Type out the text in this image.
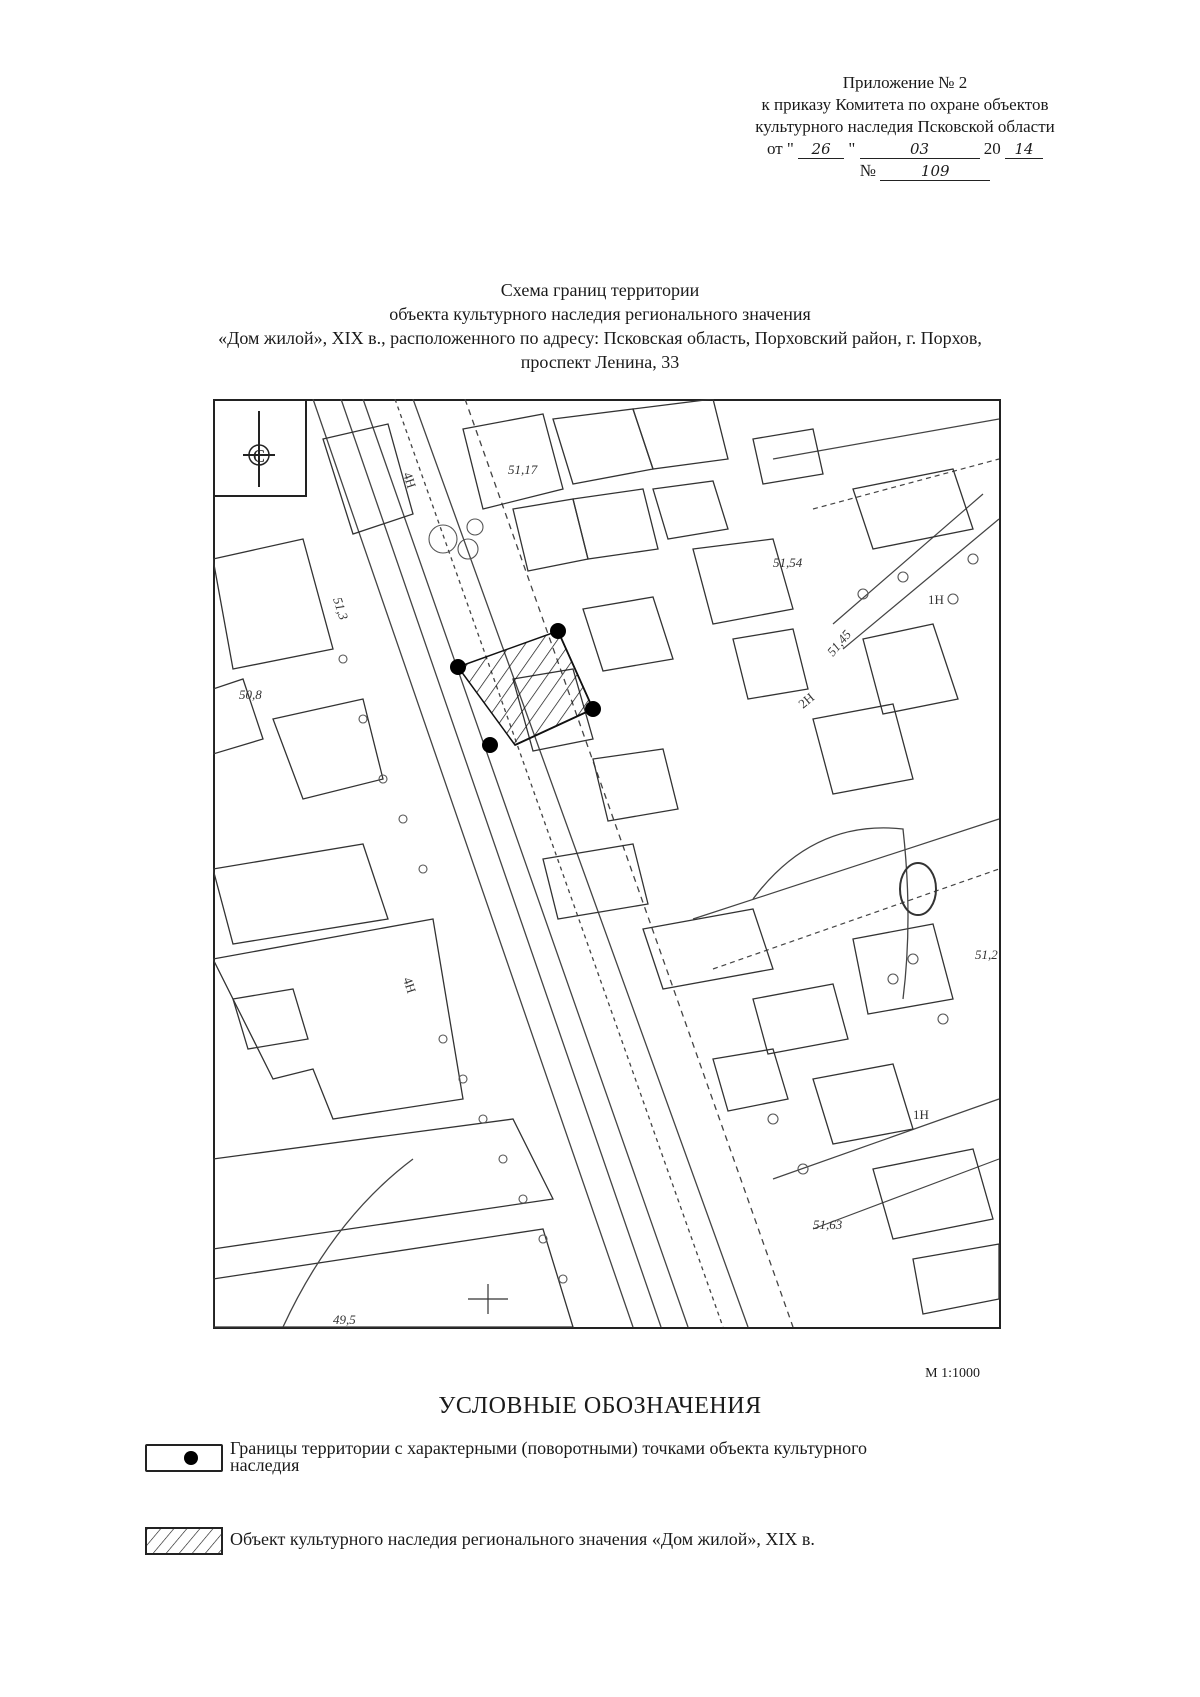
Приложение № 2
к приказу Комитета по охране объектов
культурного наследия Псковской области
от " 26 "	03	20 14
№	109
Схема границ территории
объекта культурного наследия регионального значения
«Дом жилой», XIX в., расположенного по адресу: Псковская область, Порховский район, г. Порхов,
проспект Ленина, 33
С
51,17
51,54
50,8
51,45
51,63
51,2
51,3
49,5
4Н
4Н
2Н
1Н
1Н
М 1:1000
УСЛОВНЫЕ ОБОЗНАЧЕНИЯ
Границы территории с характерными (поворотными) точками объекта культурного
наследия
Объект культурного наследия регионального значения «Дом жилой», XIX в.
